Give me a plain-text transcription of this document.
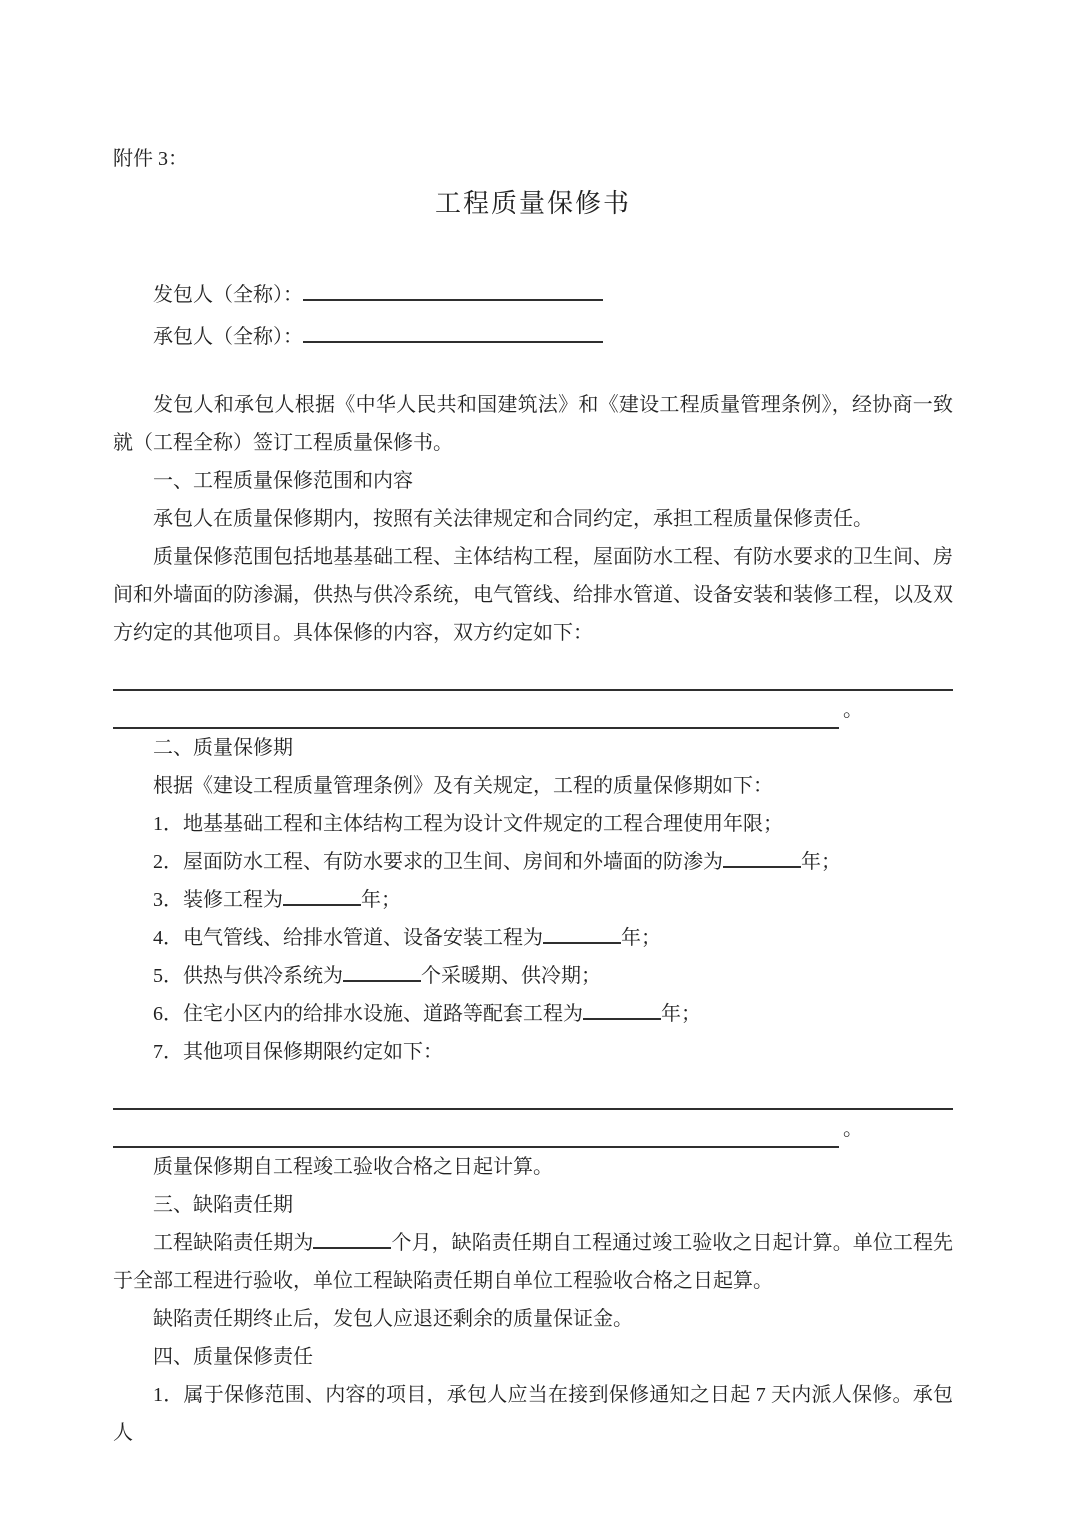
附件 3：
工程质量保修书
发包人（全称）：
承包人（全称）：

发包人和承包人根据《中华人民共和国建筑法》和《建设工程质量管理条例》，经协商一致就（工程全称）签订工程质量保修书。

一、工程质量保修范围和内容

承包人在质量保修期内，按照有关法律规定和合同约定，承担工程质量保修责任。

质量保修范围包括地基基础工程、主体结构工程，屋面防水工程、有防水要求的卫生间、房间和外墙面的防渗漏，供热与供冷系统，电气管线、给排水管道、设备安装和装修工程，以及双方约定的其他项目。具体保修的内容，双方约定如下：

。

二、质量保修期

根据《建设工程质量管理条例》及有关规定，工程的质量保修期如下：

1．地基基础工程和主体结构工程为设计文件规定的工程合理使用年限；

2．屋面防水工程、有防水要求的卫生间、房间和外墙面的防渗为	年；

3．装修工程为	年；

4．电气管线、给排水管道、设备安装工程为	年；

5．供热与供冷系统为	个采暖期、供冷期；

6．住宅小区内的给排水设施、道路等配套工程为	年；

7．其他项目保修期限约定如下：

。

质量保修期自工程竣工验收合格之日起计算。

三、缺陷责任期

工程缺陷责任期为	个月，缺陷责任期自工程通过竣工验收之日起计算。单位工程先于全部工程进行验收，单位工程缺陷责任期自单位工程验收合格之日起算。

缺陷责任期终止后，发包人应退还剩余的质量保证金。

四、质量保修责任

1．属于保修范围、内容的项目，承包人应当在接到保修通知之日起 7 天内派人保修。承包人
